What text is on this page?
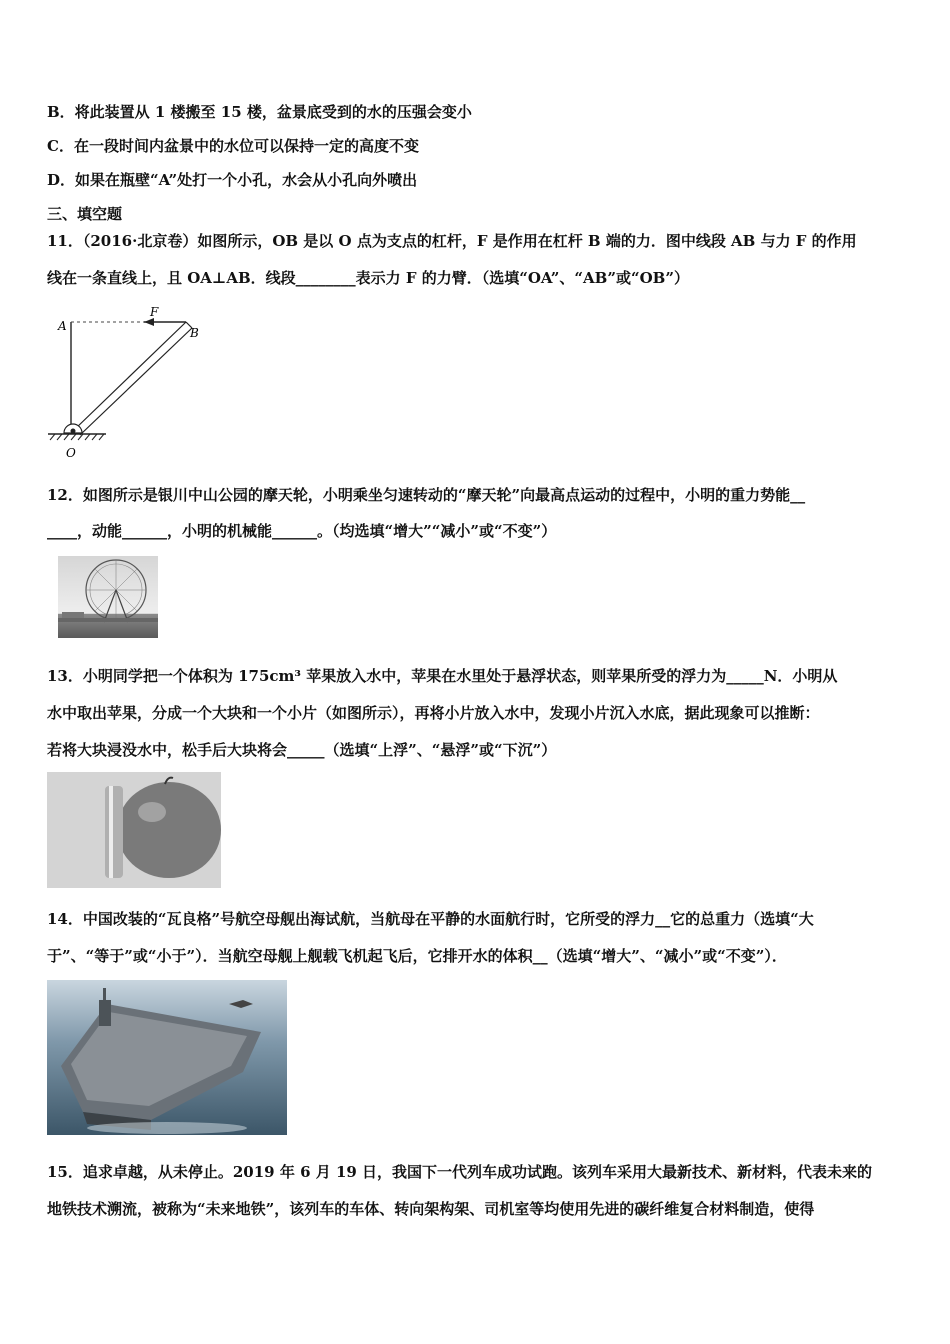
B．将此装置从 1 楼搬至 15 楼，盆景底受到的水的压强会变小
C．在一段时间内盆景中的水位可以保持一定的高度不变
D．如果在瓶壁“A”处打一个小孔，水会从小孔向外喷出
三、填空题
11．（2016·北京卷）如图所示，OB 是以 O 点为支点的杠杆，F 是作用在杠杆 B 端的力．图中线段 AB 与力 F 的作用
线在一条直线上，且 OA⊥AB．线段________表示力 F 的力臂．（选填“OA”、“AB”或“OB”）
A
F
B
O
12．如图所示是银川中山公园的摩天轮，小明乘坐匀速转动的“摩天轮”向最高点运动的过程中，小明的重力势能__
____，动能______，小明的机械能______。（均选填“增大”“减小”或“不变”）
13．小明同学把一个体积为 175cm³ 苹果放入水中，苹果在水里处于悬浮状态，则苹果所受的浮力为_____N．小明从
水中取出苹果，分成一个大块和一个小片（如图所示），再将小片放入水中，发现小片沉入水底，据此现象可以推断：
若将大块浸没水中，松手后大块将会_____（选填“上浮”、“悬浮”或“下沉”）
14．中国改装的“瓦良格”号航空母舰出海试航，当航母在平静的水面航行时，它所受的浮力__它的总重力（选填“大
于”、“等于”或“小于”）．当航空母舰上舰载飞机起飞后，它排开水的体积__（选填“增大”、“减小”或“不变”）．
15．追求卓越，从未停止。2019 年 6 月 19 日，我国下一代列车成功试跑。该列车采用大最新技术、新材料，代表未来的
地铁技术溯流，被称为“未来地铁”，该列车的车体、转向架构架、司机室等均使用先进的碳纤维复合材料制造，使得
